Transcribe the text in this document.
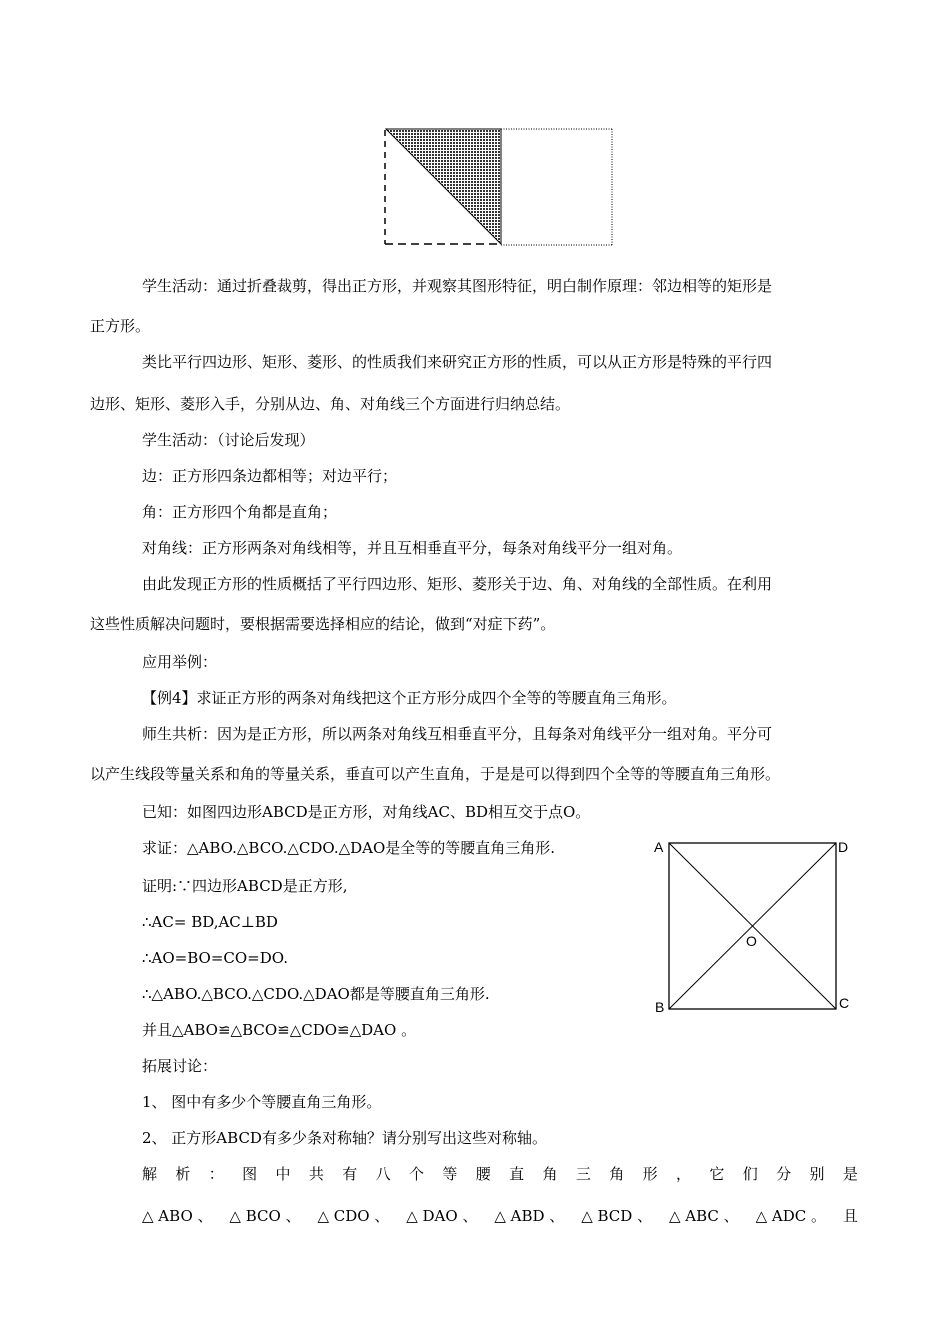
学生活动：通过折叠裁剪，得出正方形，并观察其图形特征，明白制作原理：邻边相等的矩形是
正方形。
类比平行四边形、矩形、菱形、的性质我们来研究正方形的性质，可以从正方形是特殊的平行四
边形、矩形、菱形入手，分别从边、角、对角线三个方面进行归纳总结。
学生活动：（讨论后发现）
边：正方形四条边都相等；对边平行；
角：正方形四个角都是直角；
对角线：正方形两条对角线相等，并且互相垂直平分，每条对角线平分一组对角。
由此发现正方形的性质概括了平行四边形、矩形、菱形关于边、角、对角线的全部性质。在利用
这些性质解决问题时，要根据需要选择相应的结论，做到“对症下药”。
应用举例：
【例4】求证正方形的两条对角线把这个正方形分成四个全等的等腰直角三角形。
师生共析：因为是正方形，所以两条对角线互相垂直平分，且每条对角线平分一组对角。平分可
以产生线段等量关系和角的等量关系，垂直可以产生直角，于是是可以得到四个全等的等腰直角三角形。
已知：如图四边形ABCD是正方形，对角线AC、BD相互交于点O。
求证：△ABO.△BCO.△CDO.△DAO是全等的等腰直角三角形.
证明:∵四边形ABCD是正方形,
∴AC= BD,AC⊥BD
∴AO=BO=CO=DO.
∴△ABO.△BCO.△CDO.△DAO都是等腰直角三角形.
并且△ABO≌△BCO≌△CDO≌△DAO 。
拓展讨论：
1、 图中有多少个等腰直角三角形。
2、 正方形ABCD有多少条对称轴？请分别写出这些对称轴。
解 析 ： 图 中 共 有 八 个 等 腰 直 角 三 角 形 ， 它 们 分 别 是
△ ABO 、 △ BCO 、 △ CDO 、 △ DAO 、 △ ABD 、 △ BCD 、 △ ABC 、 △ ADC 。 且
A	D
B	C
O
